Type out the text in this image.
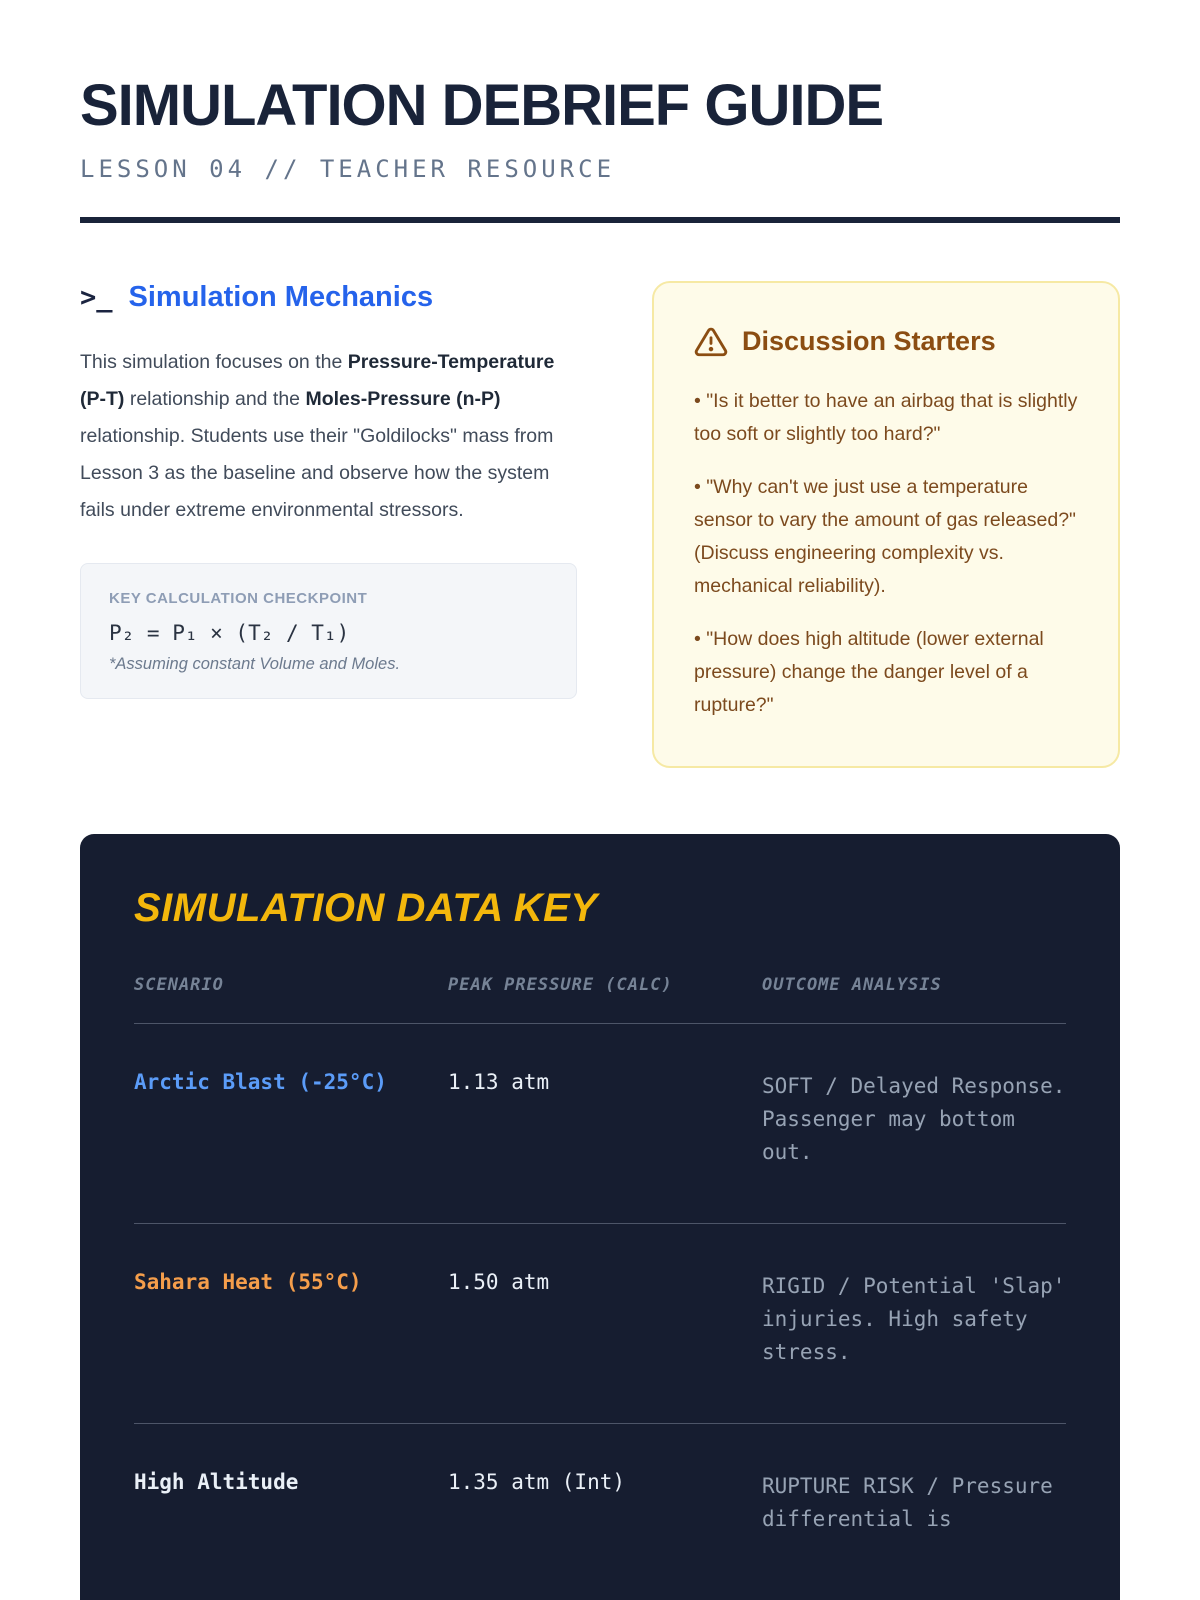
SIMULATION DEBRIEF GUIDE
LESSON 04 // TEACHER RESOURCE
>_ Simulation Mechanics

This simulation focuses on the Pressure-Temperature (P-T) relationship and the Moles-Pressure (n-P) relationship. Students use their "Goldilocks" mass from Lesson 3 as the baseline and observe how the system fails under extreme environmental stressors.

KEY CALCULATION CHECKPOINT
P₂ = P₁ × (T₂ / T₁)
*Assuming constant Volume and Moles.
Discussion Starters
• "Is it better to have an airbag that is slightly too soft or slightly too hard?"
• "Why can't we just use a temperature sensor to vary the amount of gas released?" (Discuss engineering complexity vs. mechanical reliability).
• "How does high altitude (lower external pressure) change the danger level of a rupture?"
SIMULATION DATA KEY
SCENARIO	PEAK PRESSURE (CALC)	OUTCOME ANALYSIS
Arctic Blast (-25°C)	1.13 atm	SOFT / Delayed Response. Passenger may bottom out.
Sahara Heat (55°C)	1.50 atm	RIGID / Potential 'Slap' injuries. High safety stress.
High Altitude	1.35 atm (Int)	RUPTURE RISK / Pressure differential is
